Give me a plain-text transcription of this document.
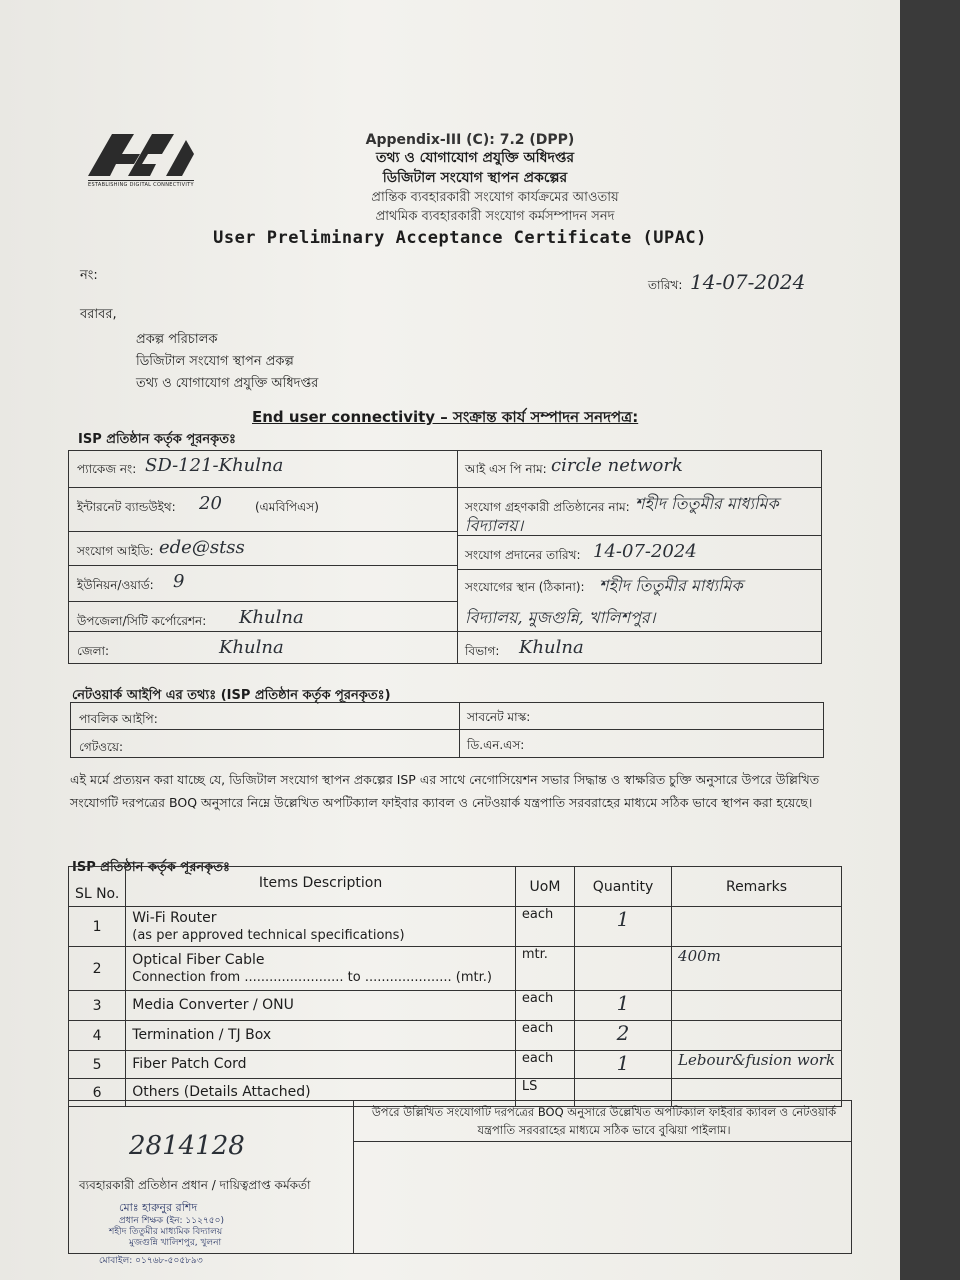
ESTABLISHING DIGITAL CONNECTIVITY
Appendix-III (C): 7.2 (DPP)
তথ্য ও যোগাযোগ প্রযুক্তি অধিদপ্তর
ডিজিটাল সংযোগ স্থাপন প্রকল্পের
প্রান্তিক ব্যবহারকারী সংযোগ কার্যক্রমের আওতায়
প্রাথমিক ব্যবহারকারী সংযোগ কর্মসম্পাদন সনদ
User Preliminary Acceptance Certificate (UPAC)
নং:
তারিখ: 14-07-2024
বরাবর,
প্রকল্প পরিচালক
ডিজিটাল সংযোগ স্থাপন প্রকল্প
তথ্য ও যোগাযোগ প্রযুক্তি অধিদপ্তর
End user connectivity – সংক্রান্ত কার্য সম্পাদন সনদপত্র:
ISP প্রতিষ্ঠান কর্তৃক পূরনকৃতঃ
প্যাকেজ নং: SD-121-Khulna	আই এস পি নাম: circle network
ইন্টারনেট ব্যান্ডউইথ: 20	(এমবিপিএস)	সংযোগ গ্রহণকারী প্রতিষ্ঠানের নাম: শহীদ তিতুমীর মাধ্যমিক বিদ্যালয়।
সংযোগ আইডি: ede@stss	সংযোগ প্রদানের তারিখ: 14-07-2024
ইউনিয়ন/ওয়ার্ড: 9	সংযোগের স্থান (ঠিকানা): শহীদ তিতুমীর মাধ্যমিক
বিদ্যালয়, মুজগুন্নি, খালিশপুর।
উপজেলা/সিটি কর্পোরেশন: Khulna
জেলা:	Khulna	বিভাগ: Khulna
নেটওয়ার্ক আইপি এর তথ্যঃ (ISP প্রতিষ্ঠান কর্তৃক পূরনকৃতঃ)
পাবলিক আইপি:	সাবনেট মাস্ক:
গেটওয়ে:	ডি.এন.এস:
এই মর্মে প্রত্যয়ন করা যাচ্ছে যে, ডিজিটাল সংযোগ স্থাপন প্রকল্পের ISP এর সাথে নেগোসিয়েশন সভার সিদ্ধান্ত ও স্বাক্ষরিত চুক্তি অনুসারে উপরে উল্লিখিত সংযোগটি দরপত্রের BOQ অনুসারে নিম্নে উল্লেখিত অপটিক্যাল ফাইবার ক্যাবল ও নেটওয়ার্ক যন্ত্রপাতি সরবরাহের মাধ্যমে সঠিক ভাবে স্থাপন করা হয়েছে।
ISP প্রতিষ্ঠান কর্তৃক পূরনকৃতঃ
SL No.	Items Description	UoM	Quantity	Remarks
1	Wi-Fi Router
(as per approved technical specifications)	each	1	
2	Optical Fiber Cable
Connection from ........................ to ..................... (mtr.)	mtr.		400m
3	Media Converter / ONU	each	1	
4	Termination / TJ Box	each	2	
5	Fiber Patch Cord	each	1	Lebour&fusion work
6	Others (Details Attached)	LS		
2814128
ব্যবহারকারী প্রতিষ্ঠান প্রধান / দায়িত্বপ্রাপ্ত কর্মকর্তা
মোঃ হারুনুর রশিদ
প্রধান শিক্ষক (ইন: ১১২৭৫০)
শহীদ তিতুমীর মাধ্যমিক বিদ্যালয়
মুজগুন্নি খালিশপুর, খুলনা
মোবাইল: ০১৭৬৮-৫০৫৮৯৩
উপরে উল্লিখিত সংযোগটি দরপত্রের BOQ অনুসারে উল্লেখিত অপটিক্যাল ফাইবার ক্যাবল ও নেটওয়ার্ক যন্ত্রপাতি সরবরাহের মাধ্যমে সঠিক ভাবে বুঝিয়া পাইলাম।
